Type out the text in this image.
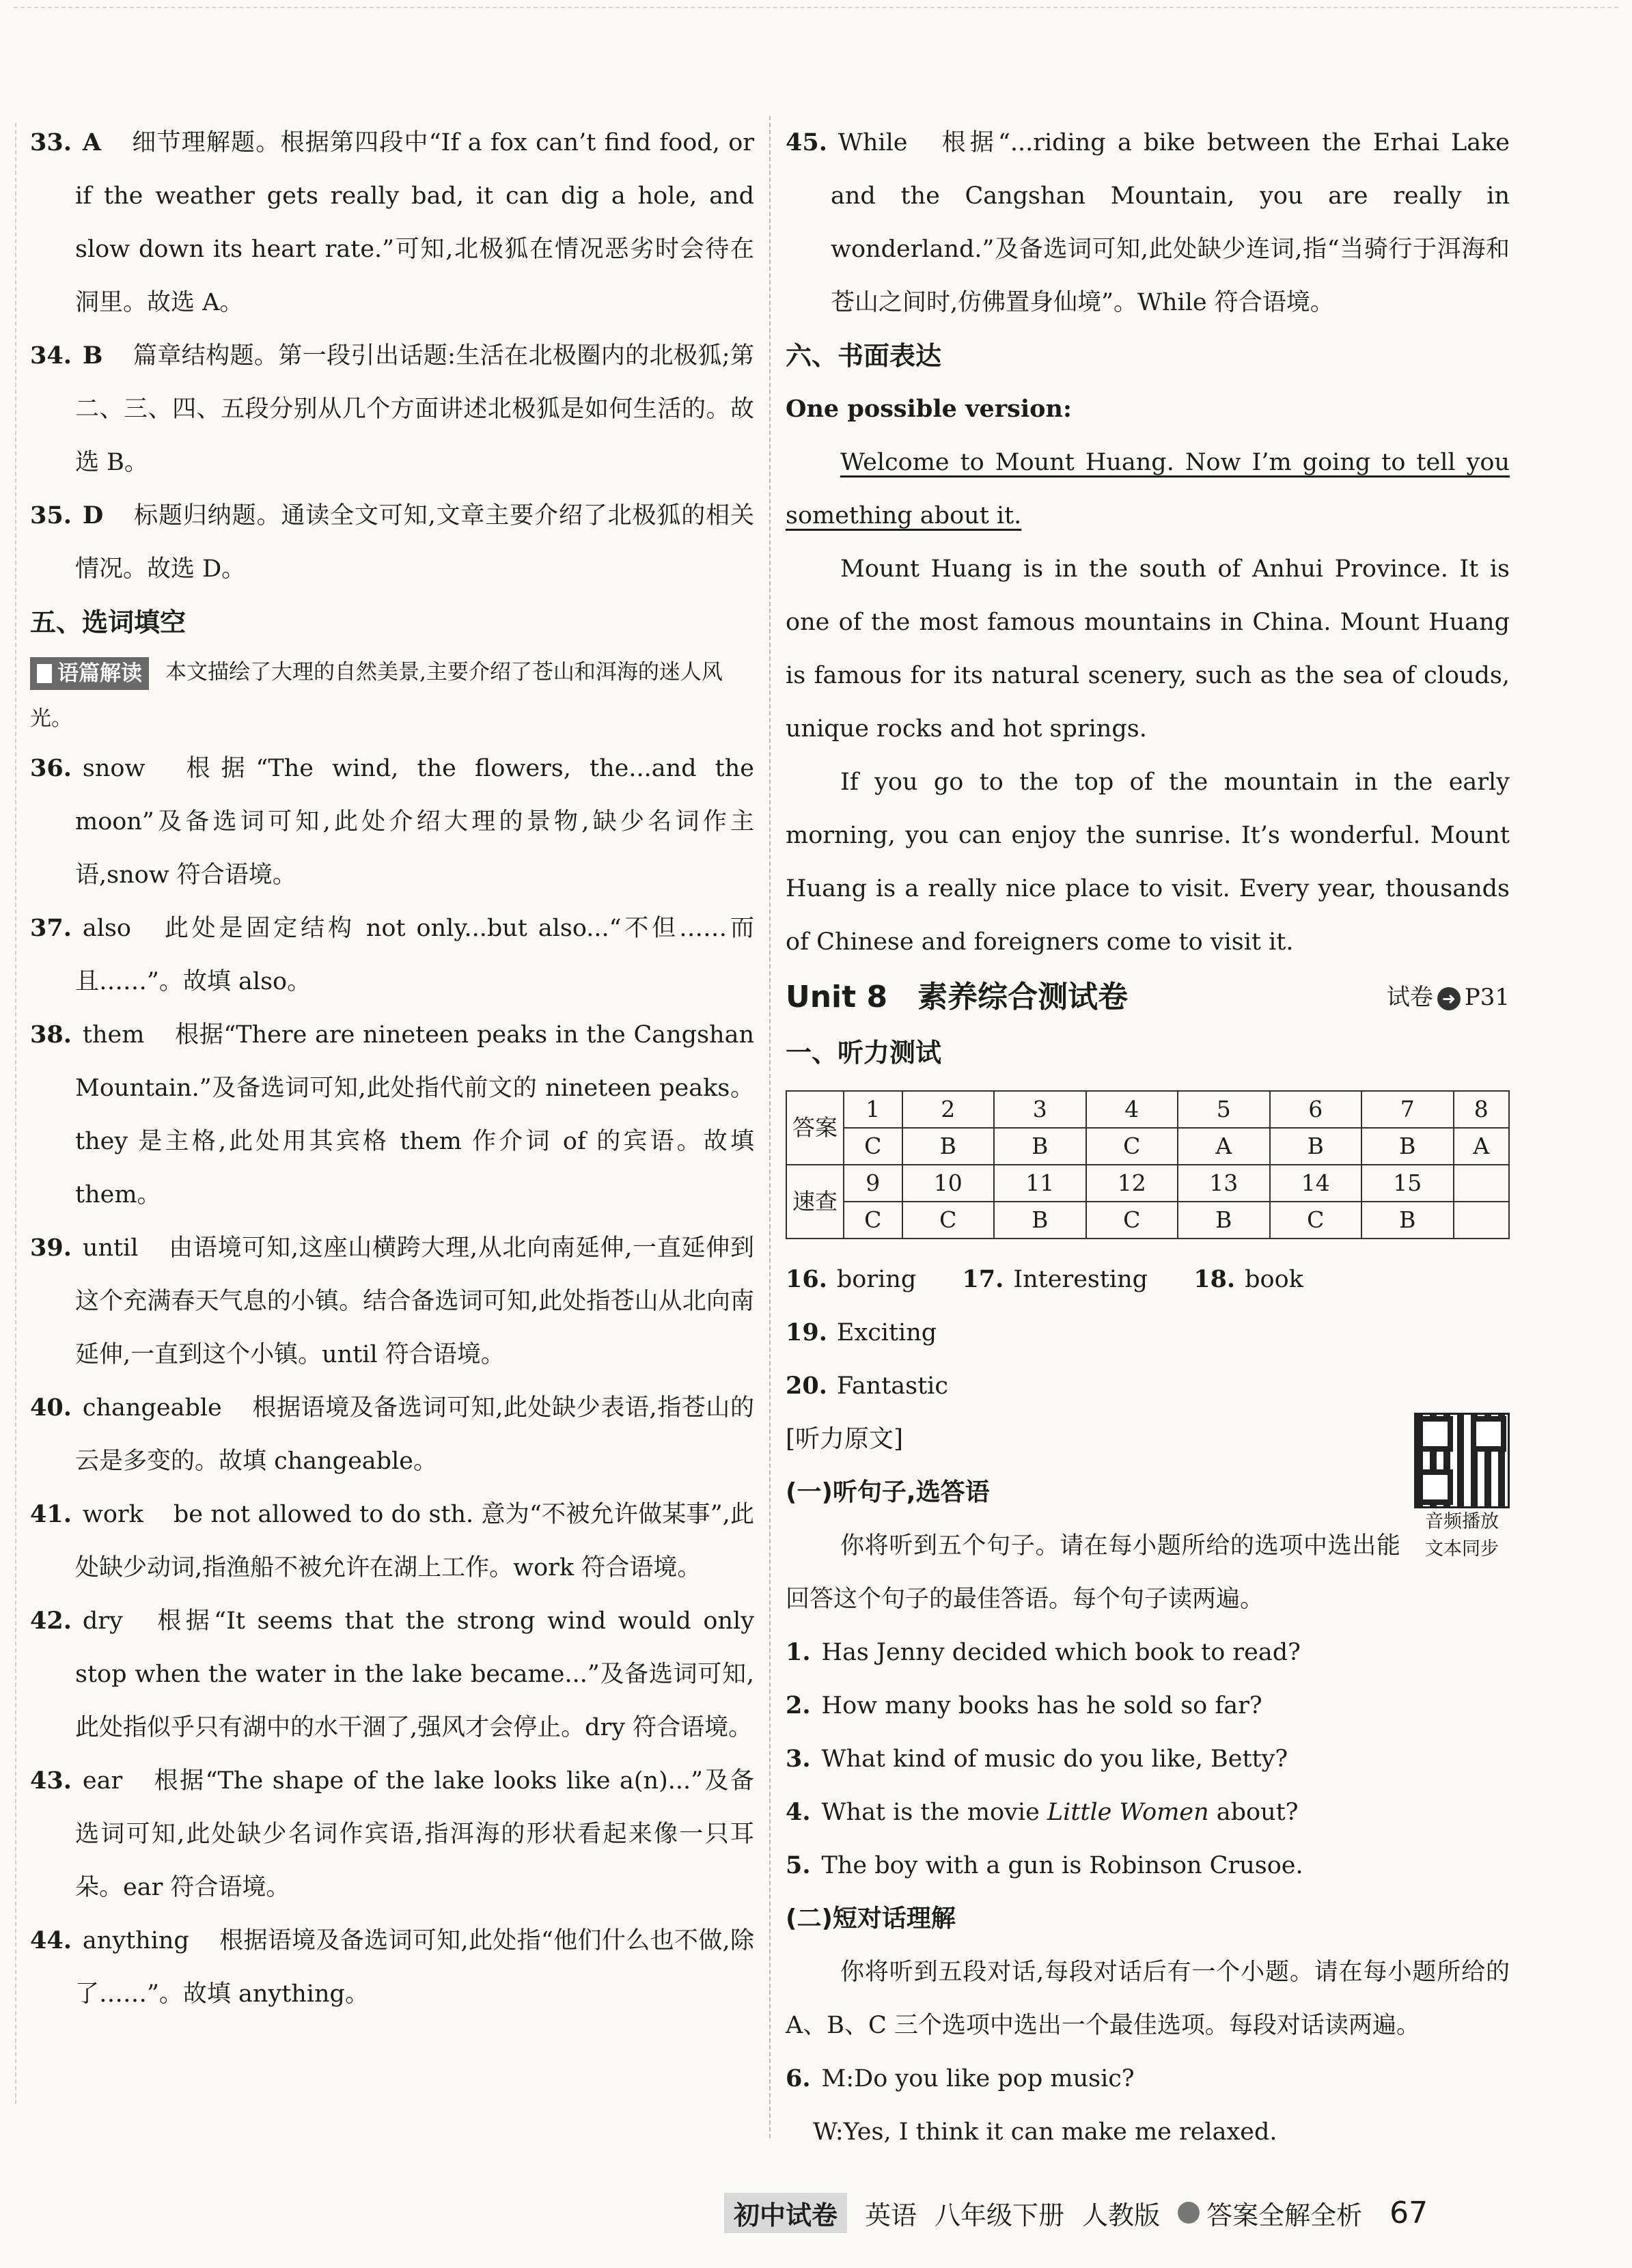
33. A 细节理解题。根据第四段中“If a fox can’t find food, or if the weather gets really bad, it can dig a hole, and slow down its heart rate.”可知,北极狐在情况恶劣时会待在洞里。故选 A。
34. B 篇章结构题。第一段引出话题:生活在北极圈内的北极狐;第二、三、四、五段分别从几个方面讲述北极狐是如何生活的。故选 B。
35. D 标题归纳题。通读全文可知,文章主要介绍了北极狐的相关情况。故选 D。
五、选词填空
语篇解读 本文描绘了大理的自然美景,主要介绍了苍山和洱海的迷人风光。
36. snow 根据“The wind, the flowers, the...and the moon”及备选词可知,此处介绍大理的景物,缺少名词作主语,snow 符合语境。
37. also 此处是固定结构 not only...but also...“不但……而且……”。故填 also。
38. them 根据“There are nineteen peaks in the Cangshan Mountain.”及备选词可知,此处指代前文的 nineteen peaks。they 是主格,此处用其宾格 them 作介词 of 的宾语。故填 them。
39. until 由语境可知,这座山横跨大理,从北向南延伸,一直延伸到这个充满春天气息的小镇。结合备选词可知,此处指苍山从北向南延伸,一直到这个小镇。until 符合语境。
40. changeable 根据语境及备选词可知,此处缺少表语,指苍山的云是多变的。故填 changeable。
41. work be not allowed to do sth. 意为“不被允许做某事”,此处缺少动词,指渔船不被允许在湖上工作。work 符合语境。
42. dry 根据“It seems that the strong wind would only stop when the water in the lake became...”及备选词可知,此处指似乎只有湖中的水干涸了,强风才会停止。dry 符合语境。
43. ear 根据“The shape of the lake looks like a(n)...”及备选词可知,此处缺少名词作宾语,指洱海的形状看起来像一只耳朵。ear 符合语境。
44. anything 根据语境及备选词可知,此处指“他们什么也不做,除了……”。故填 anything。
45. While 根据“...riding a bike between the Erhai Lake and the Cangshan Mountain, you are really in wonderland.”及备选词可知,此处缺少连词,指“当骑行于洱海和苍山之间时,仿佛置身仙境”。While 符合语境。
六、书面表达
One possible version:
Welcome to Mount Huang. Now I’m going to tell you something about it.
Mount Huang is in the south of Anhui Province. It is one of the most famous mountains in China. Mount Huang is famous for its natural scenery, such as the sea of clouds, unique rocks and hot springs.
If you go to the top of the mountain in the early morning, you can enjoy the sunrise. It’s wonderful. Mount Huang is a really nice place to visit. Every year, thousands of Chinese and foreigners come to visit it.
Unit 8　素养综合测试卷	试卷 ➜ P31
一、听力测试
答案	1	2	3	4	5	6	7	8
	C	B	B	C	A	B	B	A
速查	9	10	11	12	13	14	15	
	C	C	B	C	B	C	B	
16. boring 17. Interesting 18. book 19. Exciting
20. Fantastic
音频播放
文本同步
[听力原文]
(一)听句子,选答语
你将听到五个句子。请在每小题所给的选项中选出能回答这个句子的最佳答语。每个句子读两遍。
1. Has Jenny decided which book to read?
2. How many books has he sold so far?
3. What kind of music do you like, Betty?
4. What is the movie Little Women about?
5. The boy with a gun is Robinson Crusoe.
(二)短对话理解
你将听到五段对话,每段对话后有一个小题。请在每小题所给的 A、B、C 三个选项中选出一个最佳选项。每段对话读两遍。
6. M:Do you like pop music?
W:Yes, I think it can make me relaxed.
初中试卷	英语 八年级下册 人教版 答案全解全析 67
